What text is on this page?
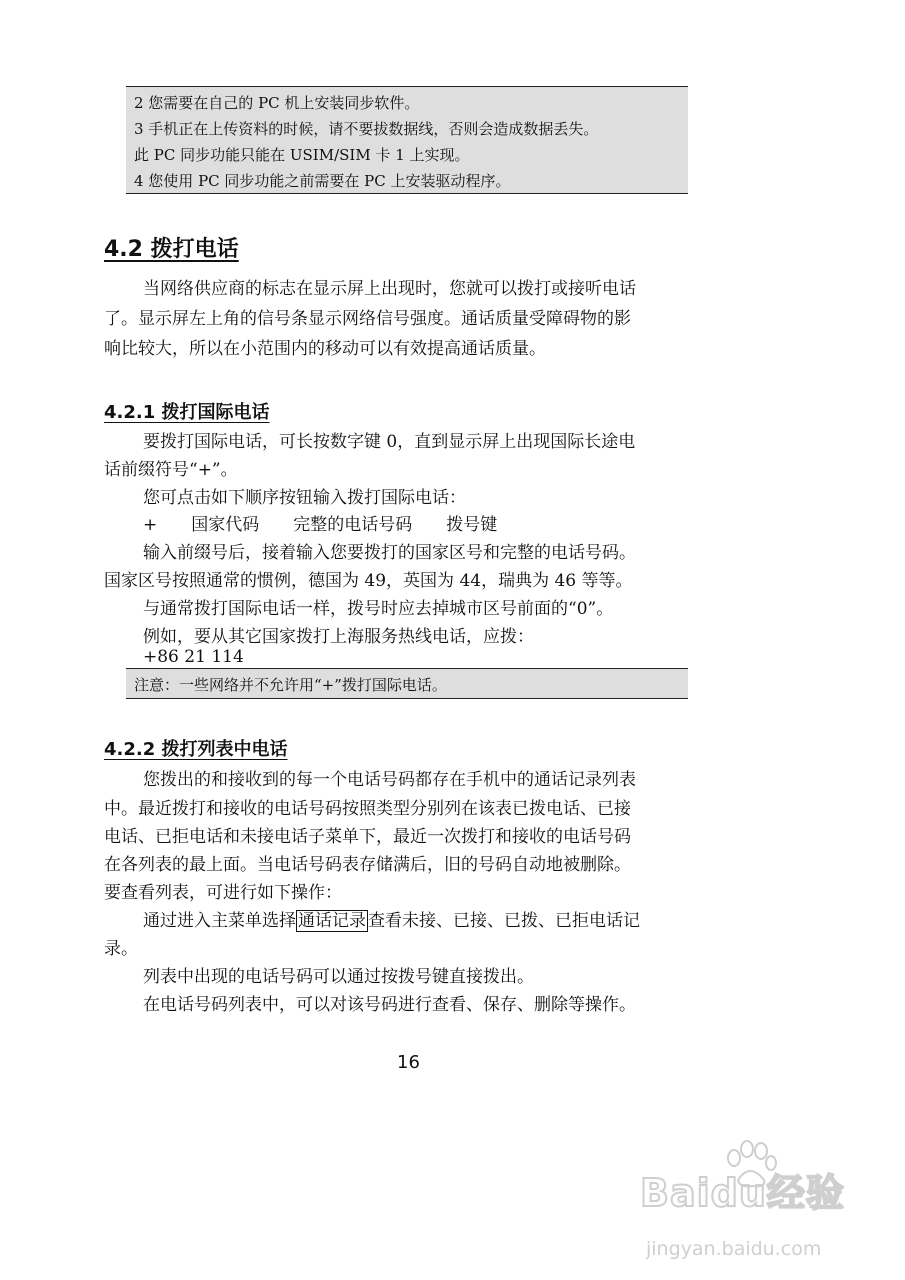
2 您需要在自己的 PC 机上安装同步软件。
3 手机正在上传资料的时候，请不要拔数据线，否则会造成数据丢失。
此 PC 同步功能只能在 USIM/SIM 卡 1 上实现。
4 您使用 PC 同步功能之前需要在 PC 上安装驱动程序。
4.2 拨打电话
当网络供应商的标志在显示屏上出现时，您就可以拨打或接听电话
了。显示屏左上角的信号条显示网络信号强度。通话质量受障碍物的影
响比较大，所以在小范围内的移动可以有效提高通话质量。
4.2.1 拨打国际电话
要拨打国际电话，可长按数字键 0，直到显示屏上出现国际长途电
话前缀符号“+”。
您可点击如下顺序按钮输入拨打国际电话：
+　　国家代码　　完整的电话号码　　拨号键
输入前缀号后，接着输入您要拨打的国家区号和完整的电话号码。
国家区号按照通常的惯例，德国为 49，英国为 44，瑞典为 46 等等。
与通常拨打国际电话一样，拨号时应去掉城市区号前面的“0”。
例如，要从其它国家拨打上海服务热线电话，应拨：
+86 21 114
注意：一些网络并不允许用“+”拨打国际电话。
4.2.2 拨打列表中电话
您拨出的和接收到的每一个电话号码都存在手机中的通话记录列表
中。最近拨打和接收的电话号码按照类型分别列在该表已拨电话、已接
电话、已拒电话和未接电话子菜单下，最近一次拨打和接收的电话号码
在各列表的最上面。当电话号码表存储满后，旧的号码自动地被删除。
要查看列表，可进行如下操作：
通过进入主菜单选择 通话记录 查看未接、已接、已拨、已拒电话记
录。
列表中出现的电话号码可以通过按拨号键直接拨出。
在电话号码列表中，可以对该号码进行查看、保存、删除等操作。
16
Baidu经验
jingyan.baidu.com
